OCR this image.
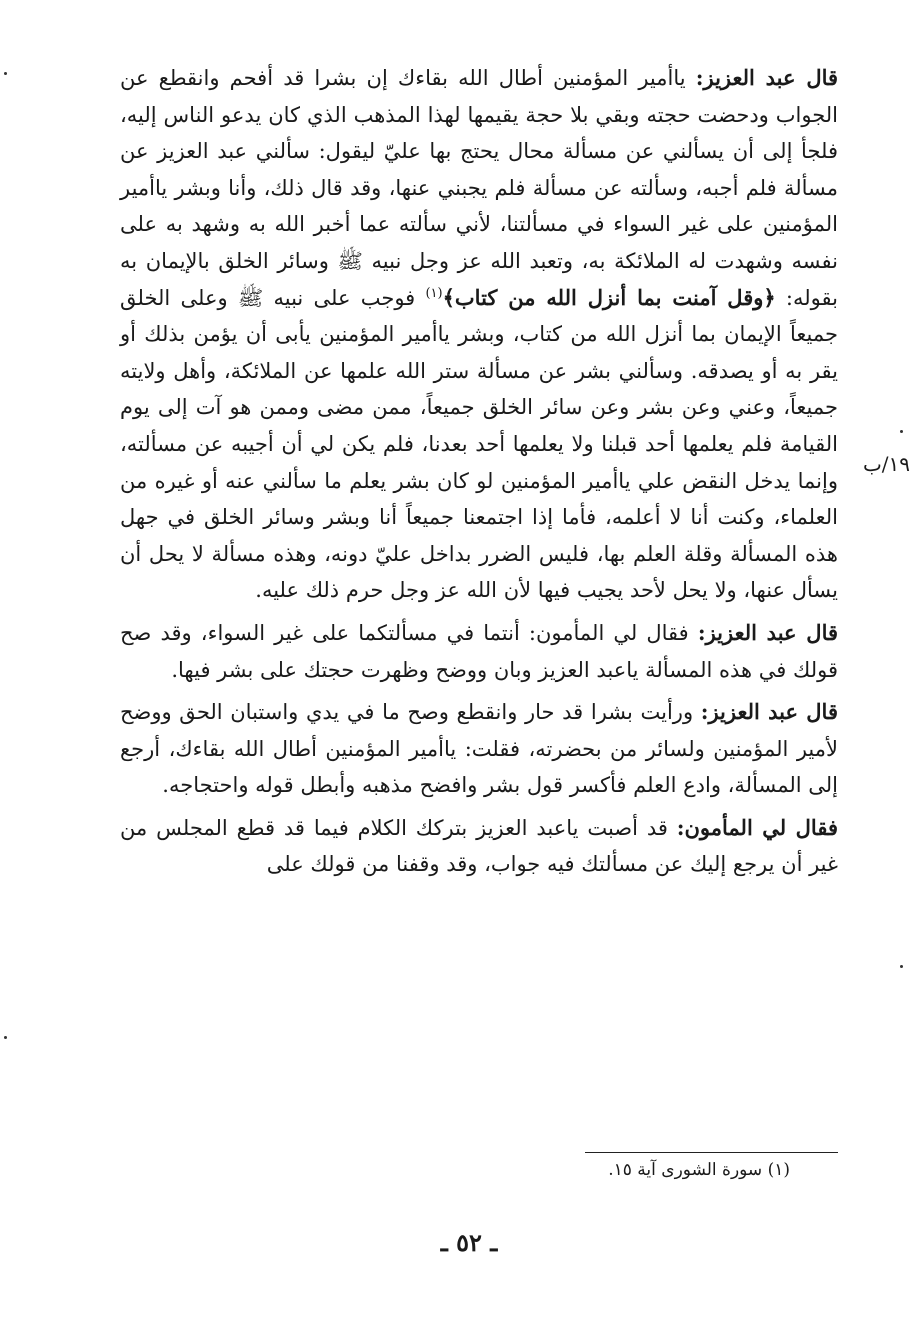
قال عبد العزيز: ياأمير المؤمنين أطال الله بقاءك إن بشرا قد أفحم وانقطع عن الجواب ودحضت حجته وبقي بلا حجة يقيمها لهذا المذهب الذي كان يدعو الناس إليه، فلجأ إلى أن يسألني عن مسألة محال يحتج بها عليّ ليقول: سألني عبد العزيز عن مسألة فلم أجبه، وسألته عن مسألة فلم يجبني عنها، وقد قال ذلك، وأنا وبشر ياأمير المؤمنين على غير السواء في مسألتنا، لأني سألته عما أخبر الله به وشهد به على نفسه وشهدت له الملائكة به، وتعبد الله عز وجل نبيه ﷺ وسائر الخلق بالإيمان به بقوله: ﴿وقل آمنت بما أنزل الله من كتاب﴾$^{(١)}$ فوجب على نبيه ﷺ وعلى الخلق جميعاً الإيمان بما أنزل الله من كتاب، وبشر ياأمير المؤمنين يأبى أن يؤمن بذلك أو يقر به أو يصدقه. وسألني بشر عن مسألة ستر الله علمها عن الملائكة، وأهل ولايته جميعاً، وعني وعن بشر وعن سائر الخلق جميعاً، ممن مضى وممن هو آت إلى يوم القيامة فلم يعلمها أحد قبلنا ولا يعلمها أحد بعدنا، فلم يكن لي أن أجيبه عن مسألته، وإنما يدخل النقض علي ياأمير المؤمنين لو كان بشر يعلم ما سألني عنه أو غيره من العلماء، وكنت أنا لا أعلمه، فأما إذا اجتمعنا جميعاً أنا وبشر وسائر الخلق في جهل هذه المسألة وقلة العلم بها، فليس الضرر بداخل عليّ دونه، وهذه مسألة لا يحل أن يسأل عنها، ولا يحل لأحد يجيب فيها لأن الله عز وجل حرم ذلك عليه.

قال عبد العزيز: فقال لي المأمون: أنتما في مسألتكما على غير السواء، وقد صح قولك في هذه المسألة ياعبد العزيز وبان ووضح وظهرت حجتك على بشر فيها.

قال عبد العزيز: ورأيت بشرا قد حار وانقطع وصح ما في يدي واستبان الحق ووضح لأمير المؤمنين ولسائر من بحضرته، فقلت: ياأمير المؤمنين أطال الله بقاءك، أرجع إلى المسألة، وادع العلم فأكسر قول بشر وافضح مذهبه وأبطل قوله واحتجاجه.

فقال لي المأمون: قد أصبت ياعبد العزيز بتركك الكلام فيما قد قطع المجلس من غير أن يرجع إليك عن مسألتك فيه جواب، وقد وقفنا من قولك على

١٩/ب
(١) سورة الشورى آية ١٥.
ـ ٥٢ ـ
